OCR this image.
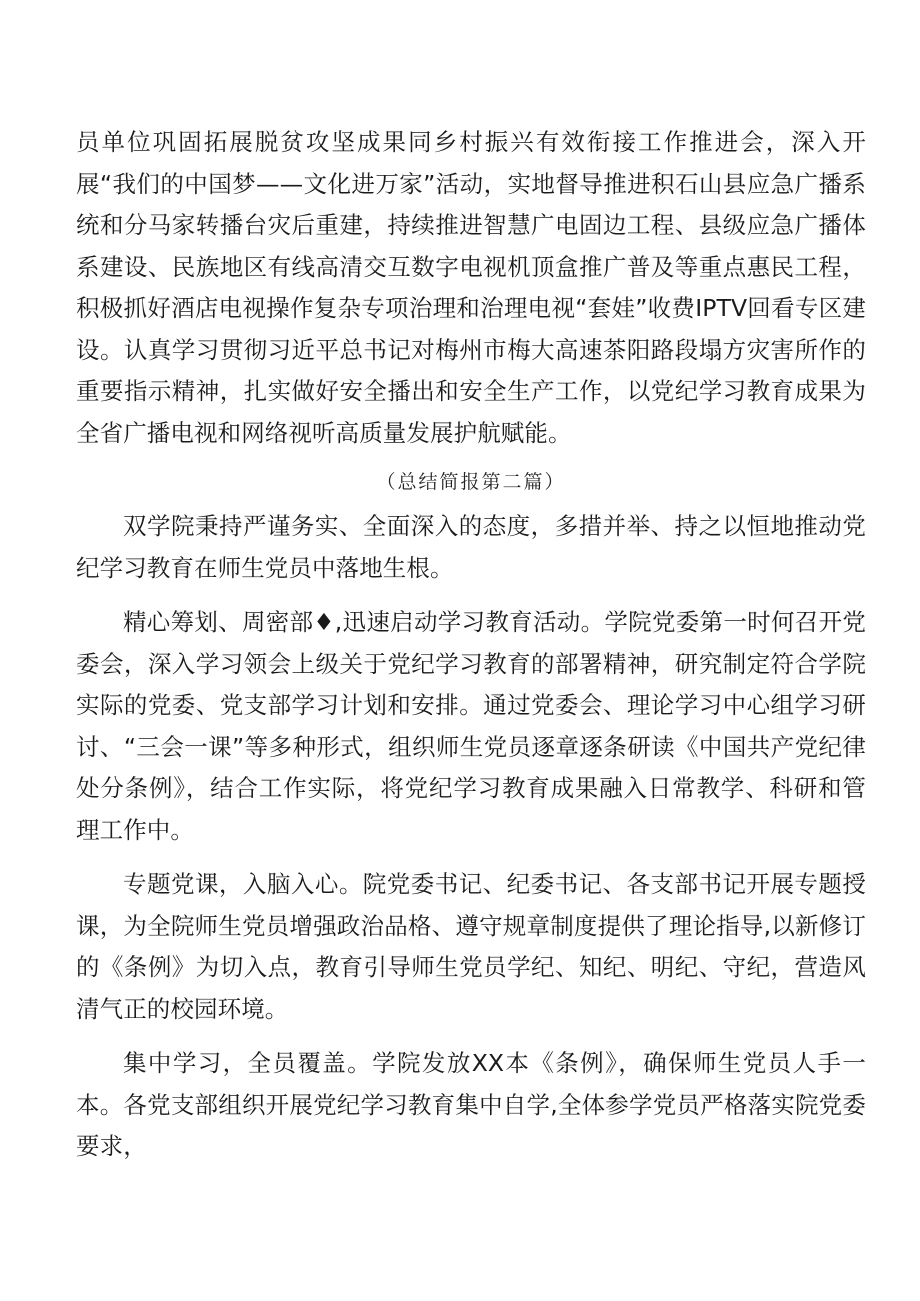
员单位巩固拓展脱贫攻坚成果同乡村振兴有效衔接工作推进会，深入开展“我们的中国梦——文化进万家”活动，实地督导推进积石山县应急广播系统和分马家转播台灾后重建，持续推进智慧广电固边工程、县级应急广播体系建设、民族地区有线高清交互数字电视机顶盒推广普及等重点惠民工程，积极抓好酒店电视操作复杂专项治理和治理电视“套娃”收费IPTV回看专区建设。认真学习贯彻习近平总书记对梅州市梅大高速茶阳路段塌方灾害所作的重要指示精神，扎实做好安全播出和安全生产工作，以党纪学习教育成果为全省广播电视和网络视听高质量发展护航赋能。

（总结简报第二篇）

双学院秉持严谨务实、全面深入的态度，多措并举、持之以恒地推动党纪学习教育在师生党员中落地生根。

精心筹划、周密部♦,迅速启动学习教育活动。学院党委第一时何召开党委会，深入学习领会上级关于党纪学习教育的部署精神，研究制定符合学院实际的党委、党支部学习计划和安排。通过党委会、理论学习中心组学习研讨、“三会一课”等多种形式，组织师生党员逐章逐条研读《中国共产党纪律处分条例》，结合工作实际，将党纪学习教育成果融入日常教学、科研和管理工作中。

专题党课，入脑入心。院党委书记、纪委书记、各支部书记开展专题授课，为全院师生党员增强政治品格、遵守规章制度提供了理论指导,以新修订的《条例》为切入点，教育引导师生党员学纪、知纪、明纪、守纪，营造风清气正的校园环境。

集中学习，全员覆盖。学院发放XX本《条例》，确保师生党员人手一本。各党支部组织开展党纪学习教育集中自学,全体参学党员严格落实院党委要求，
